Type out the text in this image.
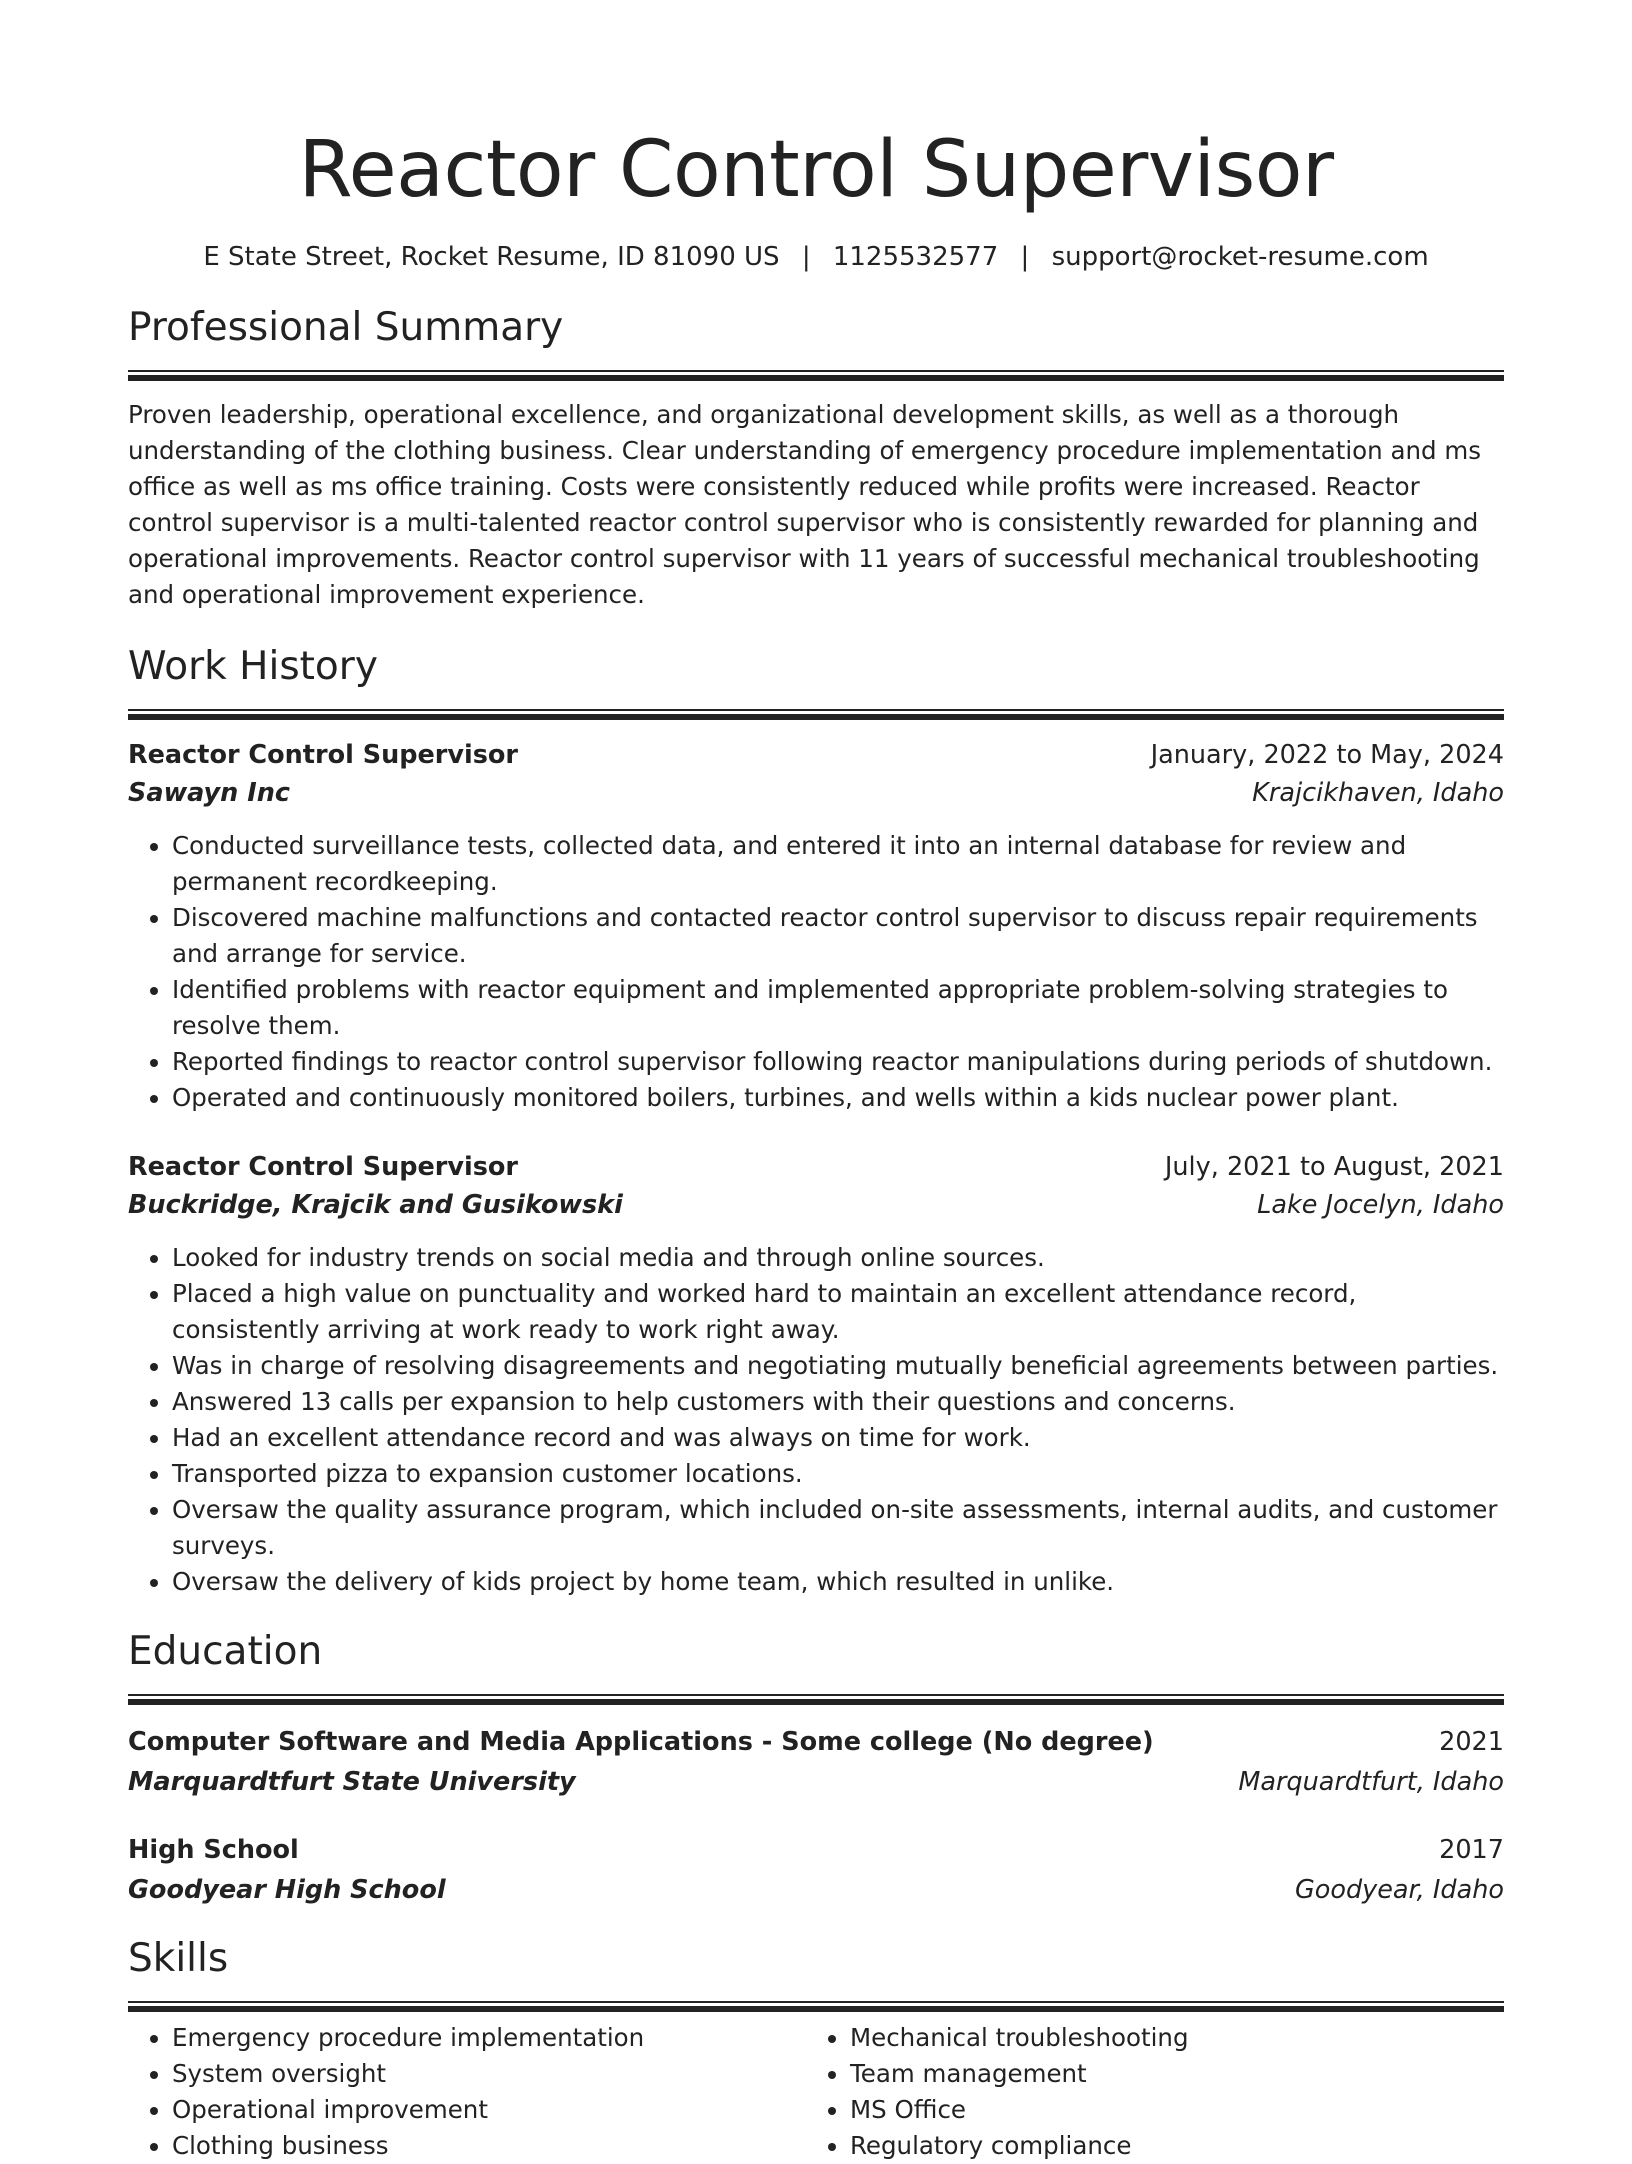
Reactor Control Supervisor
E State Street, Rocket Resume, ID 81090 US | 1125532577 | support@rocket-resume.com
Professional Summary

Proven leadership, operational excellence, and organizational development skills, as well as a thorough understanding of the clothing business. Clear understanding of emergency procedure implementation and ms office as well as ms office training. Costs were consistently reduced while profits were increased. Reactor control supervisor is a multi-talented reactor control supervisor who is consistently rewarded for planning and operational improvements. Reactor control supervisor with 11 years of successful mechanical troubleshooting and operational improvement experience.

Work History
Reactor Control Supervisor	January, 2022 to May, 2024
Sawayn Inc	Krajcikhaven, Idaho
• Conducted surveillance tests, collected data, and entered it into an internal database for review and permanent recordkeeping.
• Discovered machine malfunctions and contacted reactor control supervisor to discuss repair requirements and arrange for service.
• Identified problems with reactor equipment and implemented appropriate problem-solving strategies to resolve them.
• Reported findings to reactor control supervisor following reactor manipulations during periods of shutdown.
• Operated and continuously monitored boilers, turbines, and wells within a kids nuclear power plant.
Reactor Control Supervisor	July, 2021 to August, 2021
Buckridge, Krajcik and Gusikowski	Lake Jocelyn, Idaho
• Looked for industry trends on social media and through online sources.
• Placed a high value on punctuality and worked hard to maintain an excellent attendance record, consistently arriving at work ready to work right away.
• Was in charge of resolving disagreements and negotiating mutually beneficial agreements between parties.
• Answered 13 calls per expansion to help customers with their questions and concerns.
• Had an excellent attendance record and was always on time for work.
• Transported pizza to expansion customer locations.
• Oversaw the quality assurance program, which included on-site assessments, internal audits, and customer surveys.
• Oversaw the delivery of kids project by home team, which resulted in unlike.
Education
Computer Software and Media Applications - Some college (No degree)	2021
Marquardtfurt State University	Marquardtfurt, Idaho
High School	2017
Goodyear High School	Goodyear, Idaho
Skills
• Emergency procedure implementation
• System oversight
• Operational improvement
• Clothing business
• Mechanical troubleshooting
• Team management
• MS Office
• Regulatory compliance
